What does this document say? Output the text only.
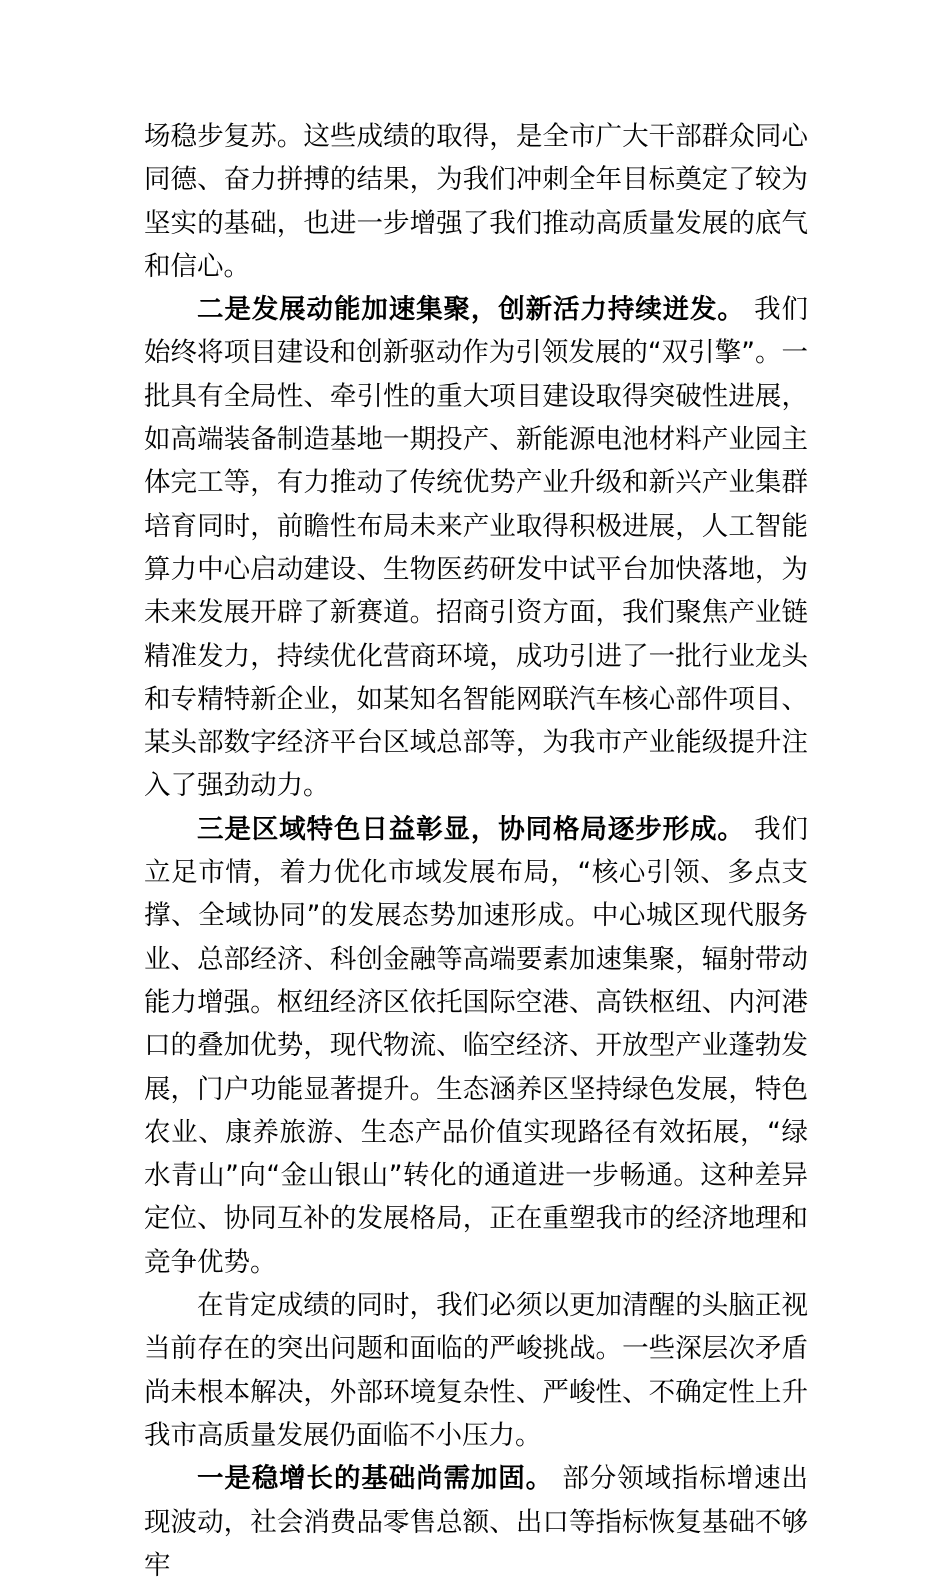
场稳步复苏。这些成绩的取得，是全市广大干部群众同心同德、奋力拼搏的结果，为我们冲刺全年目标奠定了较为坚实的基础，也进一步增强了我们推动高质量发展的底气和信心。

二是发展动能加速集聚，创新活力持续迸发。 我们始终将项目建设和创新驱动作为引领发展的“双引擎”。一批具有全局性、牵引性的重大项目建设取得突破性进展，如高端装备制造基地一期投产、新能源电池材料产业园主体完工等，有力推动了传统优势产业升级和新兴产业集群培育同时，前瞻性布局未来产业取得积极进展，人工智能算力中心启动建设、生物医药研发中试平台加快落地，为未来发展开辟了新赛道。招商引资方面，我们聚焦产业链精准发力，持续优化营商环境，成功引进了一批行业龙头和专精特新企业，如某知名智能网联汽车核心部件项目、某头部数字经济平台区域总部等，为我市产业能级提升注入了强劲动力。

三是区域特色日益彰显，协同格局逐步形成。 我们立足市情，着力优化市域发展布局，“核心引领、多点支撑、全域协同”的发展态势加速形成。中心城区现代服务业、总部经济、科创金融等高端要素加速集聚，辐射带动能力增强。枢纽经济区依托国际空港、高铁枢纽、内河港口的叠加优势，现代物流、临空经济、开放型产业蓬勃发展，门户功能显著提升。生态涵养区坚持绿色发展，特色农业、康养旅游、生态产品价值实现路径有效拓展，“绿水青山”向“金山银山”转化的通道进一步畅通。这种差异定位、协同互补的发展格局，正在重塑我市的经济地理和竞争优势。

在肯定成绩的同时，我们必须以更加清醒的头脑正视当前存在的突出问题和面临的严峻挑战。一些深层次矛盾尚未根本解决，外部环境复杂性、严峻性、不确定性上升我市高质量发展仍面临不小压力。

一是稳增长的基础尚需加固。 部分领域指标增速出现波动，社会消费品零售总额、出口等指标恢复基础不够牢
